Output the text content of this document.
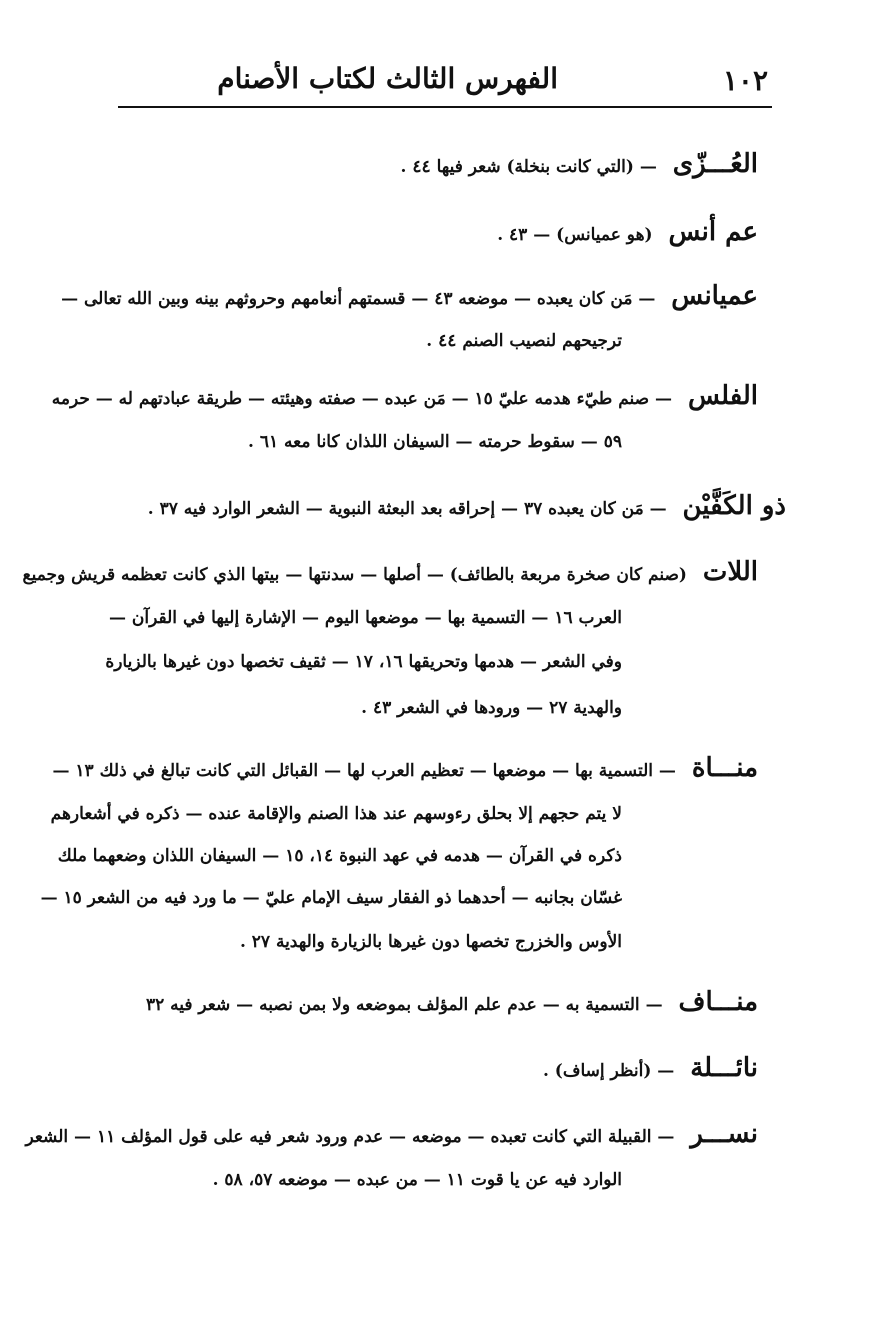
١٠٢
الفهرس الثالث لكتاب الأصنام
العُـــزّى — (التي كانت بنخلة) شعر فيها ٤٤ .
عم أنس (هو عميانس) — ٤٣ .
عميانس — مَن كان يعبده — موضعه ٤٣ — قسمتهم أنعامهم وحروثهم بينه وبين الله تعالى —
ترجيحهم لنصيب الصنم ٤٤ .
الفلس — صنم طيّء هدمه عليّ ١٥ — مَن عبده — صفته وهيئته — طريقة عبادتهم له — حرمه
٥٩ — سقوط حرمته — السيفان اللذان كانا معه ٦١ .
ذو الكَفَّيْن — مَن كان يعبده ٣٧ — إحراقه بعد البعثة النبوية — الشعر الوارد فيه ٣٧ .
اللات (صنم كان صخرة مربعة بالطائف) — أصلها — سدنتها — بيتها الذي كانت تعظمه قريش وجميع
العرب ١٦ — التسمية بها — موضعها اليوم — الإشارة إليها في القرآن —
وفي الشعر — هدمها وتحريقها ١٦، ١٧ — ثقيف تخصها دون غيرها بالزيارة
والهدية ٢٧ — ورودها في الشعر ٤٣ .
منـــاة — التسمية بها — موضعها — تعظيم العرب لها — القبائل التي كانت تبالغ في ذلك ١٣ —
لا يتم حجهم إلا بحلق رءوسهم عند هذا الصنم والإقامة عنده — ذكره في أشعارهم
ذكره في القرآن — هدمه في عهد النبوة ١٤، ١٥ — السيفان اللذان وضعهما ملك
غسّان بجانبه — أحدهما ذو الفقار سيف الإمام عليّ — ما ورد فيه من الشعر ١٥ —
الأوس والخزرج تخصها دون غيرها بالزيارة والهدية ٢٧ .
منـــاف — التسمية به — عدم علم المؤلف بموضعه ولا بمن نصبه — شعر فيه ٣٢
نائـــلة — (أنظر إساف) .
نســـر — القبيلة التي كانت تعبده — موضعه — عدم ورود شعر فيه على قول المؤلف ١١ — الشعر
الوارد فيه عن يا قوت ١١ — من عبده — موضعه ٥٧، ٥٨ .
